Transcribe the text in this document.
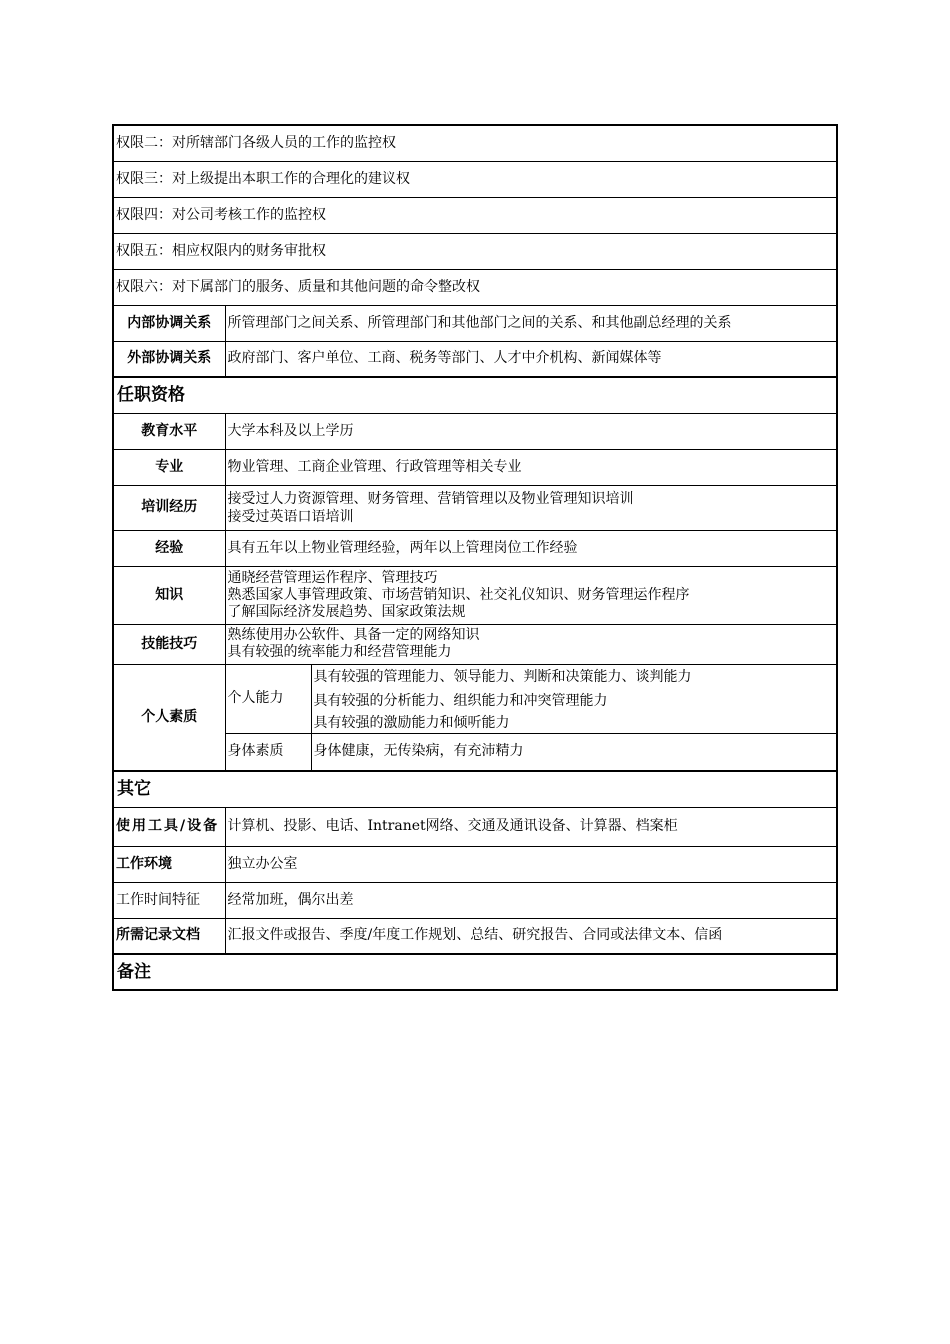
权限二：对所辖部门各级人员的工作的监控权		
权限三：对上级提出本职工作的合理化的建议权		
权限四：对公司考核工作的监控权		
权限五：相应权限内的财务审批权		
权限六：对下属部门的服务、质量和其他问题的命令整改权		
内部协调关系	所管理部门之间关系、所管理部门和其他部门之间的关系、和其他副总经理的关系	
外部协调关系	政府部门、客户单位、工商、税务等部门、人才中介机构、新闻媒体等	
任职资格		
教育水平	大学本科及以上学历	
专业	物业管理、工商企业管理、行政管理等相关专业	
培训经历	接受过人力资源管理、财务管理、营销管理以及物业管理知识培训
接受过英语口语培训	

经验	具有五年以上物业管理经验，两年以上管理岗位工作经验	
知识	通晓经营管理运作程序、管理技巧
熟悉国家人事管理政策、市场营销知识、社交礼仪知识、财务管理运作程序
了解国际经济发展趋势、国家政策法规	

技能技巧	熟练使用办公软件、具备一定的网络知识
具有较强的统率能力和经营管理能力	

个人素质	个人能力	具有较强的管理能力、领导能力、判断和决策能力、谈判能力
具有较强的分析能力、组织能力和冲突管理能力
具有较强的激励能力和倾听能力

	身体素质	身体健康，无传染病，有充沛精力
其它		
使用工具/设备	计算机、投影、电话、Intranet网络、交通及通讯设备、计算器、档案柜	
工作环境	独立办公室	
工作时间特征	经常加班，偶尔出差	
所需记录文档	汇报文件或报告、季度/年度工作规划、总结、研究报告、合同或法律文本、信函	
备注		
